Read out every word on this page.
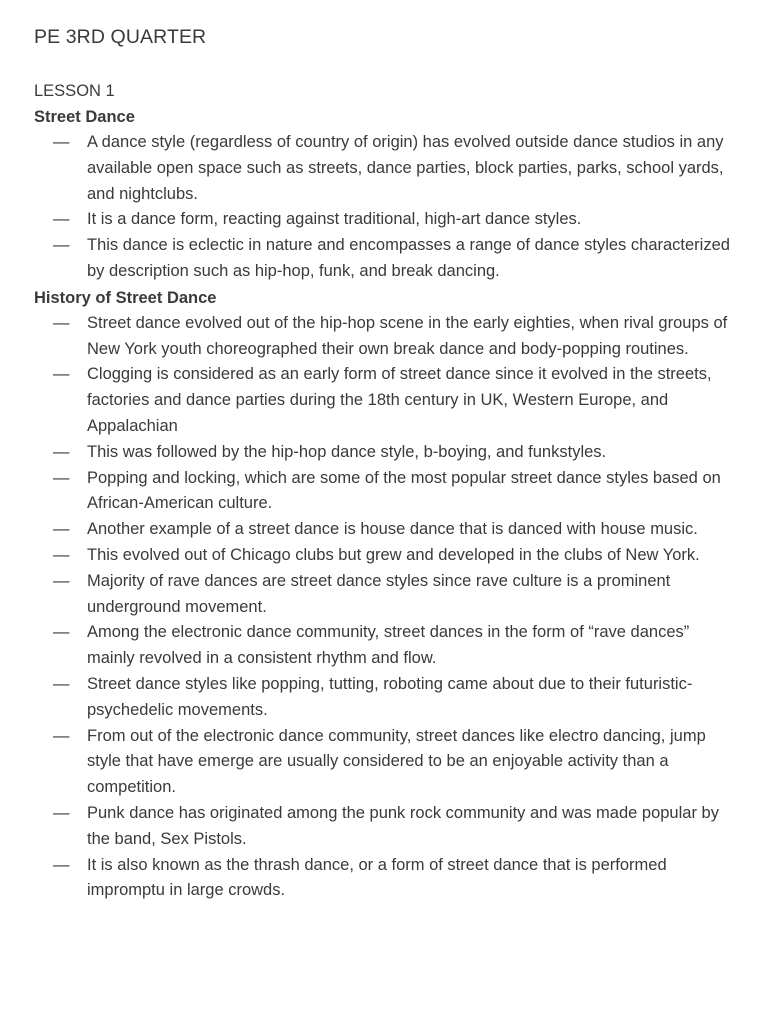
PE 3RD QUARTER
LESSON 1
Street Dance
— A dance style (regardless of country of origin) has evolved outside dance studios in any available open space such as streets, dance parties, block parties, parks, school yards, and nightclubs.
— It is a dance form, reacting against traditional, high-art dance styles.
— This dance is eclectic in nature and encompasses a range of dance styles characterized by description such as hip-hop, funk, and break dancing.
History of Street Dance
— Street dance evolved out of the hip-hop scene in the early eighties, when rival groups of New York youth choreographed their own break dance and body-popping routines.
— Clogging is considered as an early form of street dance since it evolved in the streets, factories and dance parties during the 18th century in UK, Western Europe, and Appalachian
— This was followed by the hip-hop dance style, b-boying, and funkstyles.
— Popping and locking, which are some of the most popular street dance styles based on African-American culture.
— Another example of a street dance is house dance that is danced with house music.
— This evolved out of Chicago clubs but grew and developed in the clubs of New York.
— Majority of rave dances are street dance styles since rave culture is a prominent underground movement.
— Among the electronic dance community, street dances in the form of “rave dances” mainly revolved in a consistent rhythm and flow.
— Street dance styles like popping, tutting, roboting came about due to their futuristic-psychedelic movements.
— From out of the electronic dance community, street dances like electro dancing, jump style that have emerge are usually considered to be an enjoyable activity than a competition.
— Punk dance has originated among the punk rock community and was made popular by the band, Sex Pistols.
— It is also known as the thrash dance, or a form of street dance that is performed impromptu in large crowds.
